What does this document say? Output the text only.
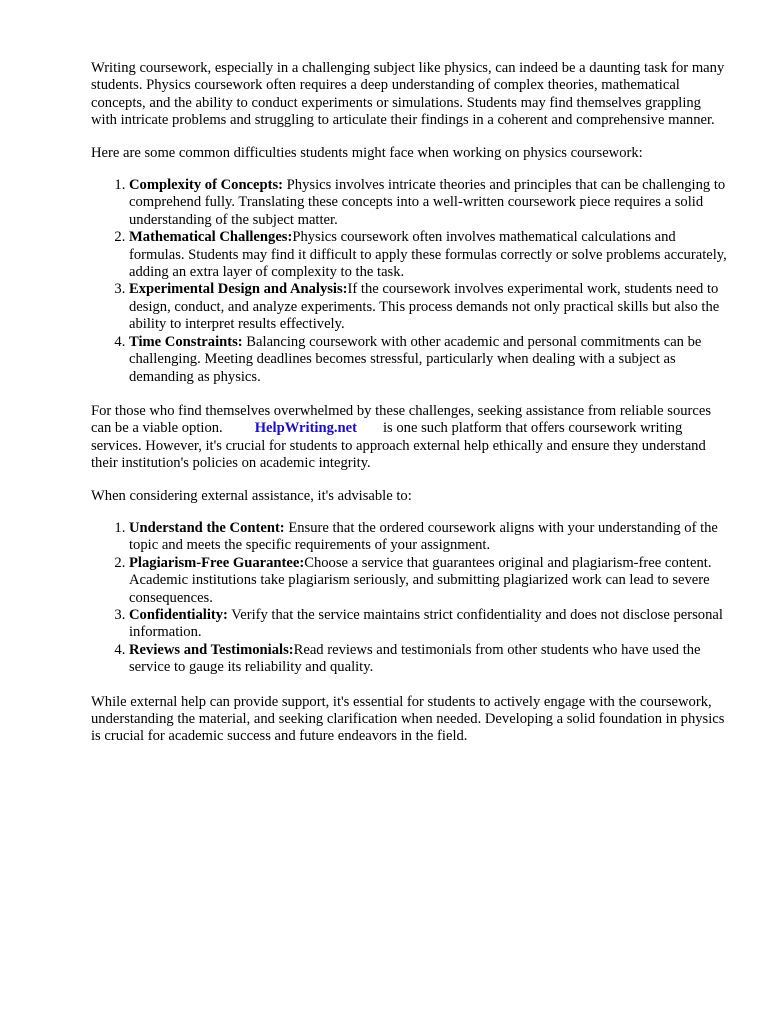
Writing coursework, especially in a challenging subject like physics, can indeed be a daunting task for many students. Physics coursework often requires a deep understanding of complex theories, mathematical concepts, and the ability to conduct experiments or simulations. Students may find themselves grappling with intricate problems and struggling to articulate their findings in a coherent and comprehensive manner.

Here are some common difficulties students might face when working on physics coursework:

1. Complexity of Concepts: Physics involves intricate theories and principles that can be challenging to comprehend fully. Translating these concepts into a well-written coursework piece requires a solid understanding of the subject matter.
2. Mathematical Challenges:Physics coursework often involves mathematical calculations and formulas. Students may find it difficult to apply these formulas correctly or solve problems accurately, adding an extra layer of complexity to the task.
3. Experimental Design and Analysis:If the coursework involves experimental work, students need to design, conduct, and analyze experiments. This process demands not only practical skills but also the ability to interpret results effectively.
4. Time Constraints: Balancing coursework with other academic and personal commitments can be challenging. Meeting deadlines becomes stressful, particularly when dealing with a subject as demanding as physics.

For those who find themselves overwhelmed by these challenges, seeking assistance from reliable sources can be a viable option. HelpWriting.net is one such platform that offers coursework writing services. However, it's crucial for students to approach external help ethically and ensure they understand their institution's policies on academic integrity.

When considering external assistance, it's advisable to:

1. Understand the Content: Ensure that the ordered coursework aligns with your understanding of the topic and meets the specific requirements of your assignment.
2. Plagiarism-Free Guarantee:Choose a service that guarantees original and plagiarism-free content. Academic institutions take plagiarism seriously, and submitting plagiarized work can lead to severe consequences.
3. Confidentiality: Verify that the service maintains strict confidentiality and does not disclose personal information.
4. Reviews and Testimonials:Read reviews and testimonials from other students who have used the service to gauge its reliability and quality.

While external help can provide support, it's essential for students to actively engage with the coursework, understanding the material, and seeking clarification when needed. Developing a solid foundation in physics is crucial for academic success and future endeavors in the field.
